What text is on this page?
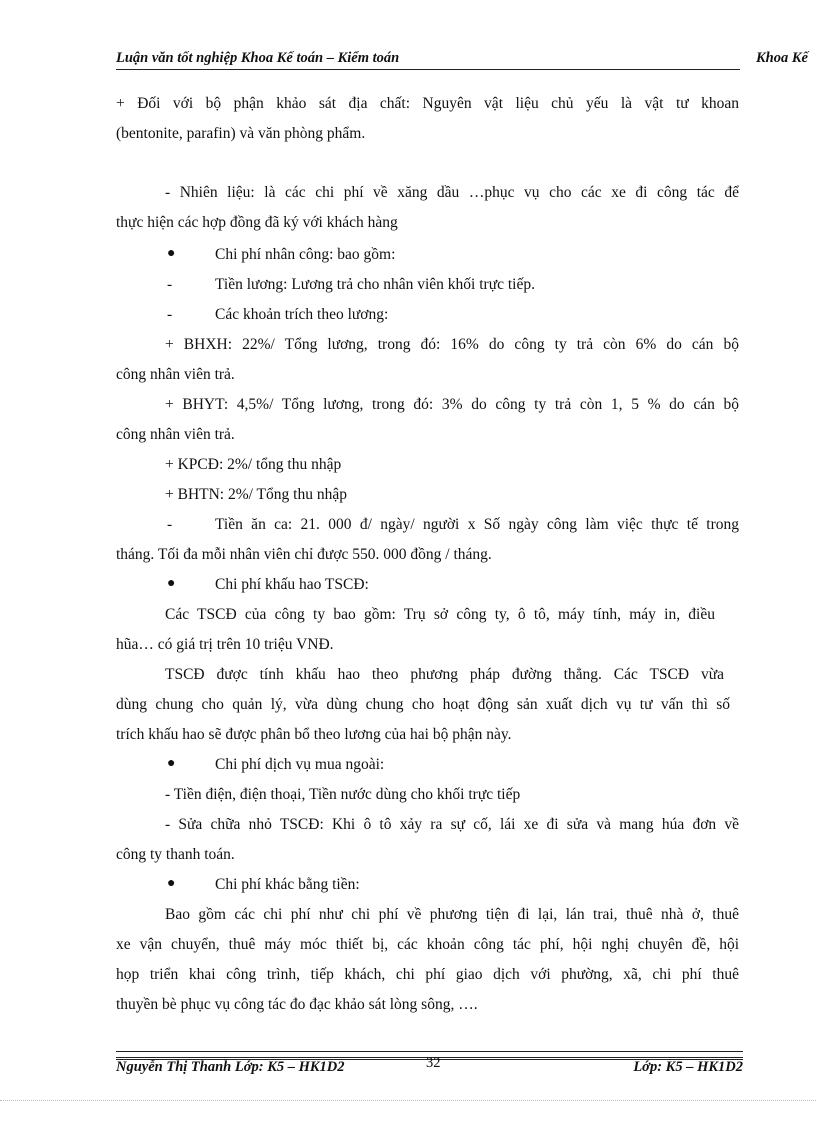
Luận văn tốt nghiệp Khoa Kế toán – Kiểm toán	Khoa Kế
+ Đối với bộ phận khảo sát địa chất: Nguyên vật liệu chủ yếu là vật tư khoan
(bentonite, parafin) và văn phòng phẩm.
- Nhiên liệu: là các chi phí về xăng dầu …phục vụ cho các xe đi công tác để
thực hiện các hợp đồng đã ký với khách hàng
●	Chi phí nhân công: bao gồm:
-	Tiền lương: Lương trả cho nhân viên khối trực tiếp.
-	Các khoản trích theo lương:
+ BHXH: 22%/ Tổng lương, trong đó: 16% do công ty trả còn 6% do cán bộ
công nhân viên trả.
+ BHYT: 4,5%/ Tổng lương, trong đó: 3% do công ty trả còn 1, 5 % do cán bộ
công nhân viên trả.
+ KPCĐ: 2%/ tổng thu nhập
+ BHTN: 2%/ Tổng thu nhập
-	Tiền ăn ca: 21. 000 đ/ ngày/ người x Số ngày công làm việc thực tế trong
tháng. Tối đa mỗi nhân viên chỉ được 550. 000 đồng / tháng.
●	Chi phí khấu hao TSCĐ:
Các TSCĐ của công ty bao gồm: Trụ sở công ty, ô tô, máy tính, máy in, điều
hũa… có giá trị trên 10 triệu VNĐ.
TSCĐ được tính khấu hao theo phương pháp đường thẳng. Các TSCĐ vừa
dùng chung cho quản lý, vừa dùng chung cho hoạt động sản xuất dịch vụ tư vấn thì số
trích khấu hao sẽ được phân bổ theo lương của hai bộ phận này.
●	Chi phí dịch vụ mua ngoài:
- Tiền điện, điện thoại, Tiền nước dùng cho khối trực tiếp
- Sửa chữa nhỏ TSCĐ: Khi ô tô xảy ra sự cố, lái xe đi sửa và mang húa đơn về
công ty thanh toán.
●	Chi phí khác bằng tiền:
Bao gồm các chi phí như chi phí về phương tiện đi lại, lán trai, thuê nhà ở, thuê
xe vận chuyển, thuê máy móc thiết bị, các khoản công tác phí, hội nghị chuyên đề, hội
họp triển khai công trình, tiếp khách, chi phí giao dịch với phường, xã, chi phí thuê
thuyền bè phục vụ công tác đo đạc khảo sát lòng sông, ….
Nguyễn Thị Thanh Lớp: K5 – HK1D2	32	Lớp: K5 – HK1D2
